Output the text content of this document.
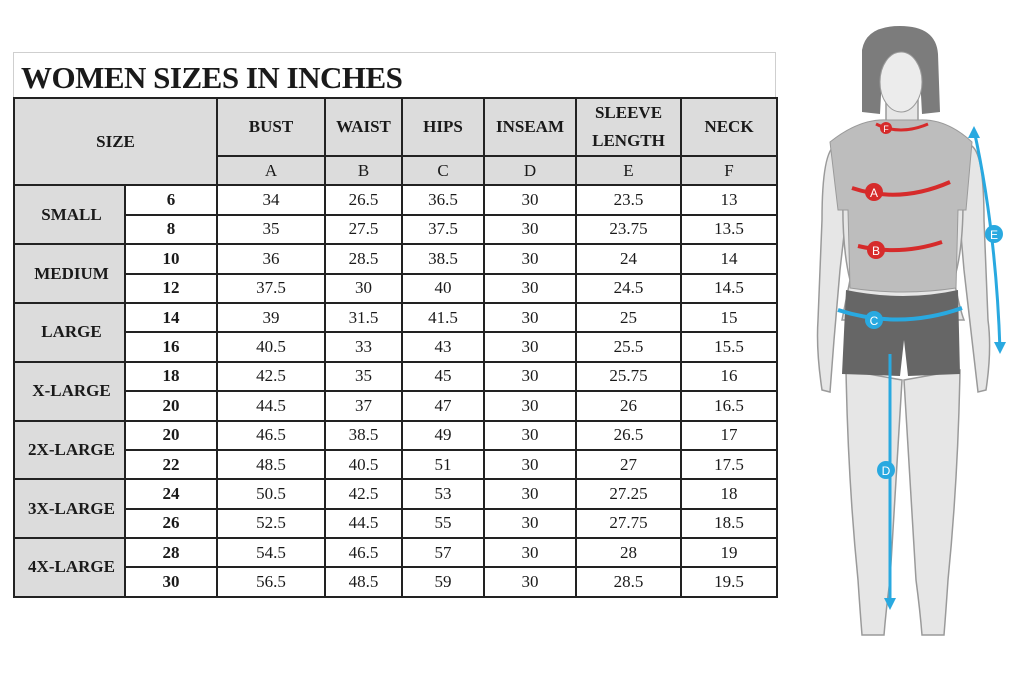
WOMEN SIZES IN INCHES
SIZE		BUST	WAIST	HIPS	INSEAM	SLEEVE LENGTH	NECK
		A	B	C	D	E	F
SMALL	6	34	26.5	36.5	30	23.5	13
	8	35	27.5	37.5	30	23.75	13.5
MEDIUM	10	36	28.5	38.5	30	24	14
	12	37.5	30	40	30	24.5	14.5
LARGE	14	39	31.5	41.5	30	25	15
	16	40.5	33	43	30	25.5	15.5
X-LARGE	18	42.5	35	45	30	25.75	16
	20	44.5	37	47	30	26	16.5
2X-LARGE	20	46.5	38.5	49	30	26.5	17
	22	48.5	40.5	51	30	27	17.5
3X-LARGE	24	50.5	42.5	53	30	27.25	18
	26	52.5	44.5	55	30	27.75	18.5
4X-LARGE	28	54.5	46.5	57	30	28	19
	30	56.5	48.5	59	30	28.5	19.5
F
A
B
C
D
E
